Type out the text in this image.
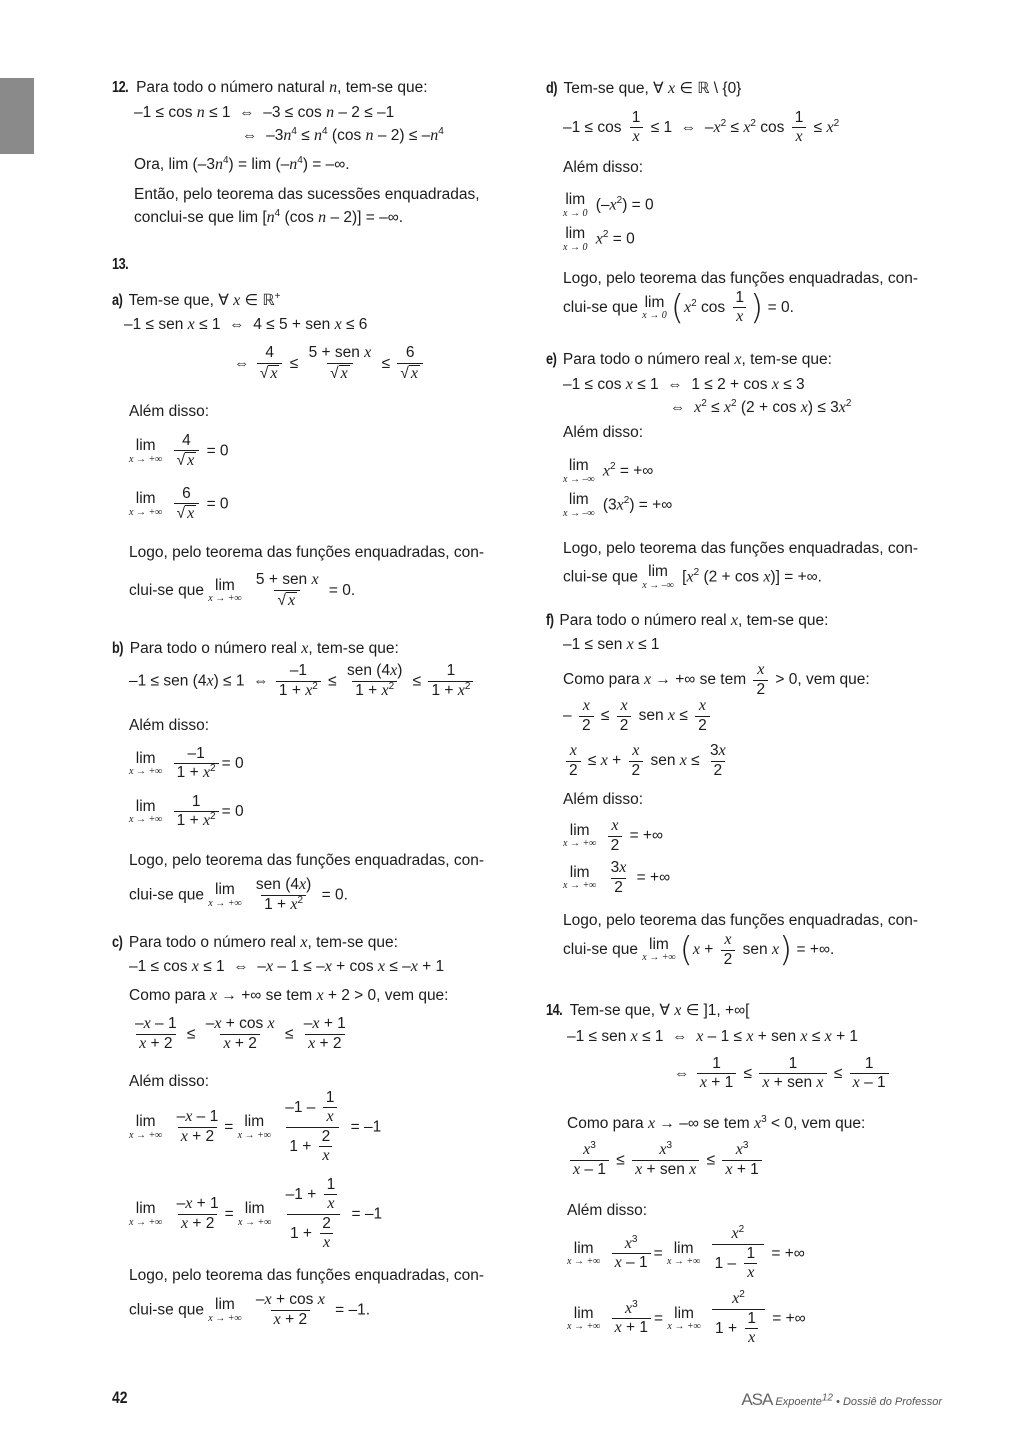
12. Para todo o número natural n, tem-se que:
–1 ≤ cos n ≤ 1  ⇔  –3 ≤ cos n – 2 ≤ –1
⇔  $-3n^4 \le n^4$ (cos $n - 2) \le -n^4$
Ora, $\lim (-3n^4) = \lim (-n^4)$ = –∞.
Então, pelo teorema das sucessões enquadradas,
conclui-se que $\lim [n^4$ (cos n – 2)] = –∞.
13.
a) Tem-se que, ∀ x ∈ ℝ+
–1 ≤ sen x ≤ 1  ⇔  4 ≤ 5 + sen x ≤ 6
⇔ $\frac{4}{√ x} \le \frac{\text{5 + sen x}}{√ x} \le \frac{6}{√ x}$
Além disso:
lim
x → +∞
$\frac{4}{√ x} = 0$
lim
x → +∞
$\frac{6}{√ x} = 0$
Logo, pelo teorema das funções enquadradas, con-
clui-se que lim
x → +∞
$\frac{\text{5 + sen x}}{√ x} = 0$.
b) Para todo o número real x, tem-se que:
–1 ≤ sen (4x) ≤ 1  ⇔ $\frac{-1}{1 + x^2} \le \frac{\text{sen (4x)}}{1 + x^2} \le \frac{1}{1 + x^2}$
Além disso:
lim
x → +∞
$\frac{-1}{1 + x^2} = 0$
lim
x → +∞
$\frac{1}{1 + x^2} = 0$
Logo, pelo teorema das funções enquadradas, con-
clui-se que lim
x → +∞
$\frac{\text{sen (4x)}}{1 + x^2} = 0$.
c) Para todo o número real x, tem-se que:
–1 ≤ cos x ≤ 1  ⇔  –x – 1 ≤ –x + cos x ≤ –x + 1
Como para x → +∞ se tem x + 2 > 0, vem que:
$\frac{-x - 1}{x + 2} \le \frac{\text{–x + cos x}}{x + 2} \le \frac{-x + 1}{x + 2}$
Além disso:
lim
x → +∞
$\frac{-x - 1}{x + 2} = \lim$
x → +∞
$\frac{-1 - \frac{1}{x}}{1 + \frac{2}{x}} = -1$
lim
x → +∞
$\frac{-x + 1}{x + 2} = \lim$
x → +∞
$\frac{-1 + \frac{1}{x}}{1 + \frac{2}{x}} = -1$
Logo, pelo teorema das funções enquadradas, con-
clui-se que lim
x → +∞
$\frac{\text{–x + cos x}}{x + 2} = -1$.
d) Tem-se que, ∀ x ∈ ℝ \ {0}
$-1 \le \cos \frac{1}{x} \le 1$  ⇔  $-x^2 \le x^2$ $\cos \frac{1}{x} \le x^2$
Além disso:
lim
x → 0 $(-x^2) = 0$
lim
x → 0 $x^2 = 0$
Logo, pelo teorema das funções enquadradas, con-
clui-se que lim
x → 0 ($x^2$ $\cos \frac{1}{x}$ ) = 0.
e) Para todo o número real x, tem-se que:
–1 ≤ cos x ≤ 1  ⇔  1 ≤ 2 + cos x ≤ 3
⇔  $x^2 \le x^2$ $(2 + \cos x) \le 3x^2$
Além disso:
lim
x → –∞ $x^2$ = +∞
lim
x → –∞ $(3x^2)$ = +∞
Logo, pelo teorema das funções enquadradas, con-
clui-se que lim
x → –∞ [$x^2$ (2 + cos x)] = +∞.
f) Para todo o número real x, tem-se que:
–1 ≤ sen x ≤ 1
Como para x → +∞ se tem $\frac{x}{2} > 0$, vem que:
– $\frac{x}{2} \le \frac{x}{2}$ sen $x \le \frac{x}{2}$
$\frac{x}{2} \le x + \frac{x}{2}$ sen $x \le \frac{3x}{2}$
Além disso:
lim
x → +∞
$\frac{x}{2}$ = +∞
lim
x → +∞
$\frac{3x}{2}$ = +∞
Logo, pelo teorema das funções enquadradas, con-
clui-se que lim
x → +∞ ($x + \frac{x}{2}$ sen x) = +∞.
14. Tem-se que, ∀ x ∈ ]1, +∞[
–1 ≤ sen x ≤ 1  ⇔  x – 1 ≤ x + sen x ≤ x + 1
⇔ $\frac{1}{x + 1} \le \frac{1}{\text{x + sen x}} \le \frac{1}{x - 1}$
Como para x → –∞ se tem $x^3 < 0$, vem que:
$\frac{x^3}{x - 1} \le \frac{x^3}{\text{x + sen x}} \le \frac{x^3}{x + 1}$
Além disso:
lim
x → +∞
$\frac{x^3}{x - 1} = \lim$
x → +∞
$\frac{x^2}{1 - \frac{1}{x}}$ = +∞
lim
x → +∞
$\frac{x^3}{x + 1} = \lim$
x → +∞
$\frac{x^2}{1 + \frac{1}{x}}$ = +∞
42	ASA Expoente$^{12}$ • Dossiê do Professor
